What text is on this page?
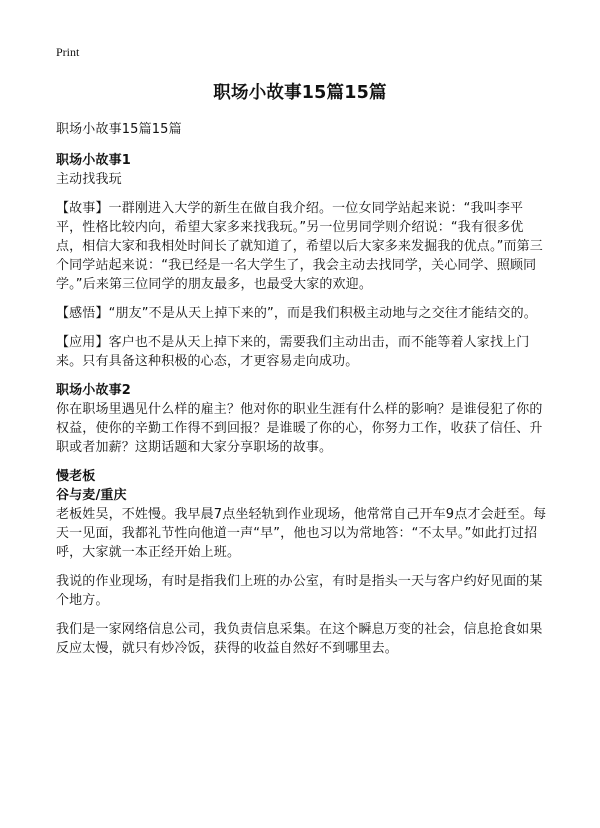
Print
职场小故事15篇15篇

职场小故事15篇15篇

职场小故事1

主动找我玩

【故事】一群刚进入大学的新生在做自我介绍。一位女同学站起来说：“我叫李平平，性格比较内向，希望大家多来找我玩。”另一位男同学则介绍说：“我有很多优点，相信大家和我相处时间长了就知道了，希望以后大家多来发掘我的优点。”而第三个同学站起来说：“我已经是一名大学生了，我会主动去找同学，关心同学、照顾同学。”后来第三位同学的朋友最多，也最受大家的欢迎。

【感悟】“朋友”不是从天上掉下来的”，而是我们积极主动地与之交往才能结交的。

【应用】客户也不是从天上掉下来的，需要我们主动出击，而不能等着人家找上门来。只有具备这种积极的心态，才更容易走向成功。

职场小故事2

你在职场里遇见什么样的雇主？他对你的职业生涯有什么样的影响？是谁侵犯了你的权益，使你的辛勤工作得不到回报？是谁暖了你的心，你努力工作，收获了信任、升职或者加薪？这期话题和大家分享职场的故事。

慢老板

谷与麦/重庆

老板姓吴，不姓慢。我早晨7点坐轻轨到作业现场，他常常自己开车9点才会赶至。每天一见面，我都礼节性向他道一声“早”，他也习以为常地答：“不太早。”如此打过招呼，大家就一本正经开始上班。

我说的作业现场，有时是指我们上班的办公室，有时是指头一天与客户约好见面的某个地方。

我们是一家网络信息公司，我负责信息采集。在这个瞬息万变的社会，信息抢食如果反应太慢，就只有炒冷饭，获得的收益自然好不到哪里去。
